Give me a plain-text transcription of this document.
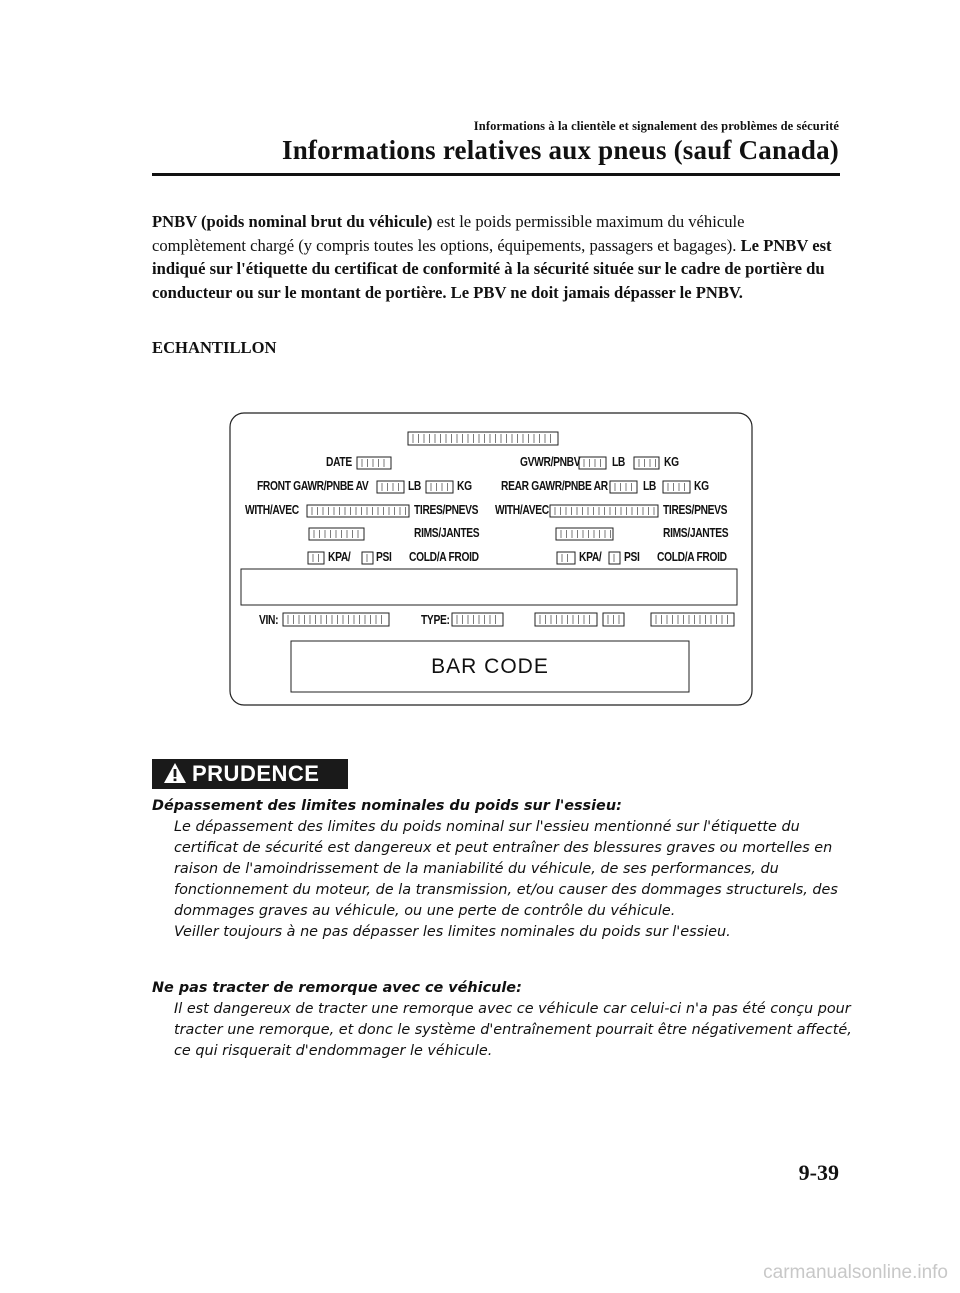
Informations à la clientèle et signalement des problèmes de sécurité
Informations relatives aux pneus (sauf Canada)
PNBV (poids nominal brut du véhicule) est le poids permissible maximum du véhicule complètement chargé (y compris toutes les options, équipements, passagers et bagages). Le PNBV est indiqué sur l'étiquette du certificat de conformité à la sécurité située sur le cadre de portière du conducteur ou sur le montant de portière. Le PBV ne doit jamais dépasser le PNBV.
ECHANTILLON
DATE	GVWR/PNBV	LB	KG
FRONT GAWR/PNBE AV	LB	KG REAR GAWR/PNBE AR	LB	KG
WITH/AVEC	TIRES/PNEVS WITH/AVEC	TIRES/PNEVS
RIMS/JANTES	RIMS/JANTES
KPA/ PSI COLD/A FROID	KPA/ PSI COLD/A FROID
VIN:	TYPE:
BAR CODE
PRUDENCE
Dépassement des limites nominales du poids sur l'essieu:
Le dépassement des limites du poids nominal sur l'essieu mentionné sur l'étiquette du certificat de sécurité est dangereux et peut entraîner des blessures graves ou mortelles en raison de l'amoindrissement de la maniabilité du véhicule, de ses performances, du fonctionnement du moteur, de la transmission, et/ou causer des dommages structurels, des dommages graves au véhicule, ou une perte de contrôle du véhicule.
Veiller toujours à ne pas dépasser les limites nominales du poids sur l'essieu.
Ne pas tracter de remorque avec ce véhicule:
Il est dangereux de tracter une remorque avec ce véhicule car celui-ci n'a pas été conçu pour tracter une remorque, et donc le système d'entraînement pourrait être négativement affecté, ce qui risquerait d'endommager le véhicule.
9-39
carmanualsonline.info
